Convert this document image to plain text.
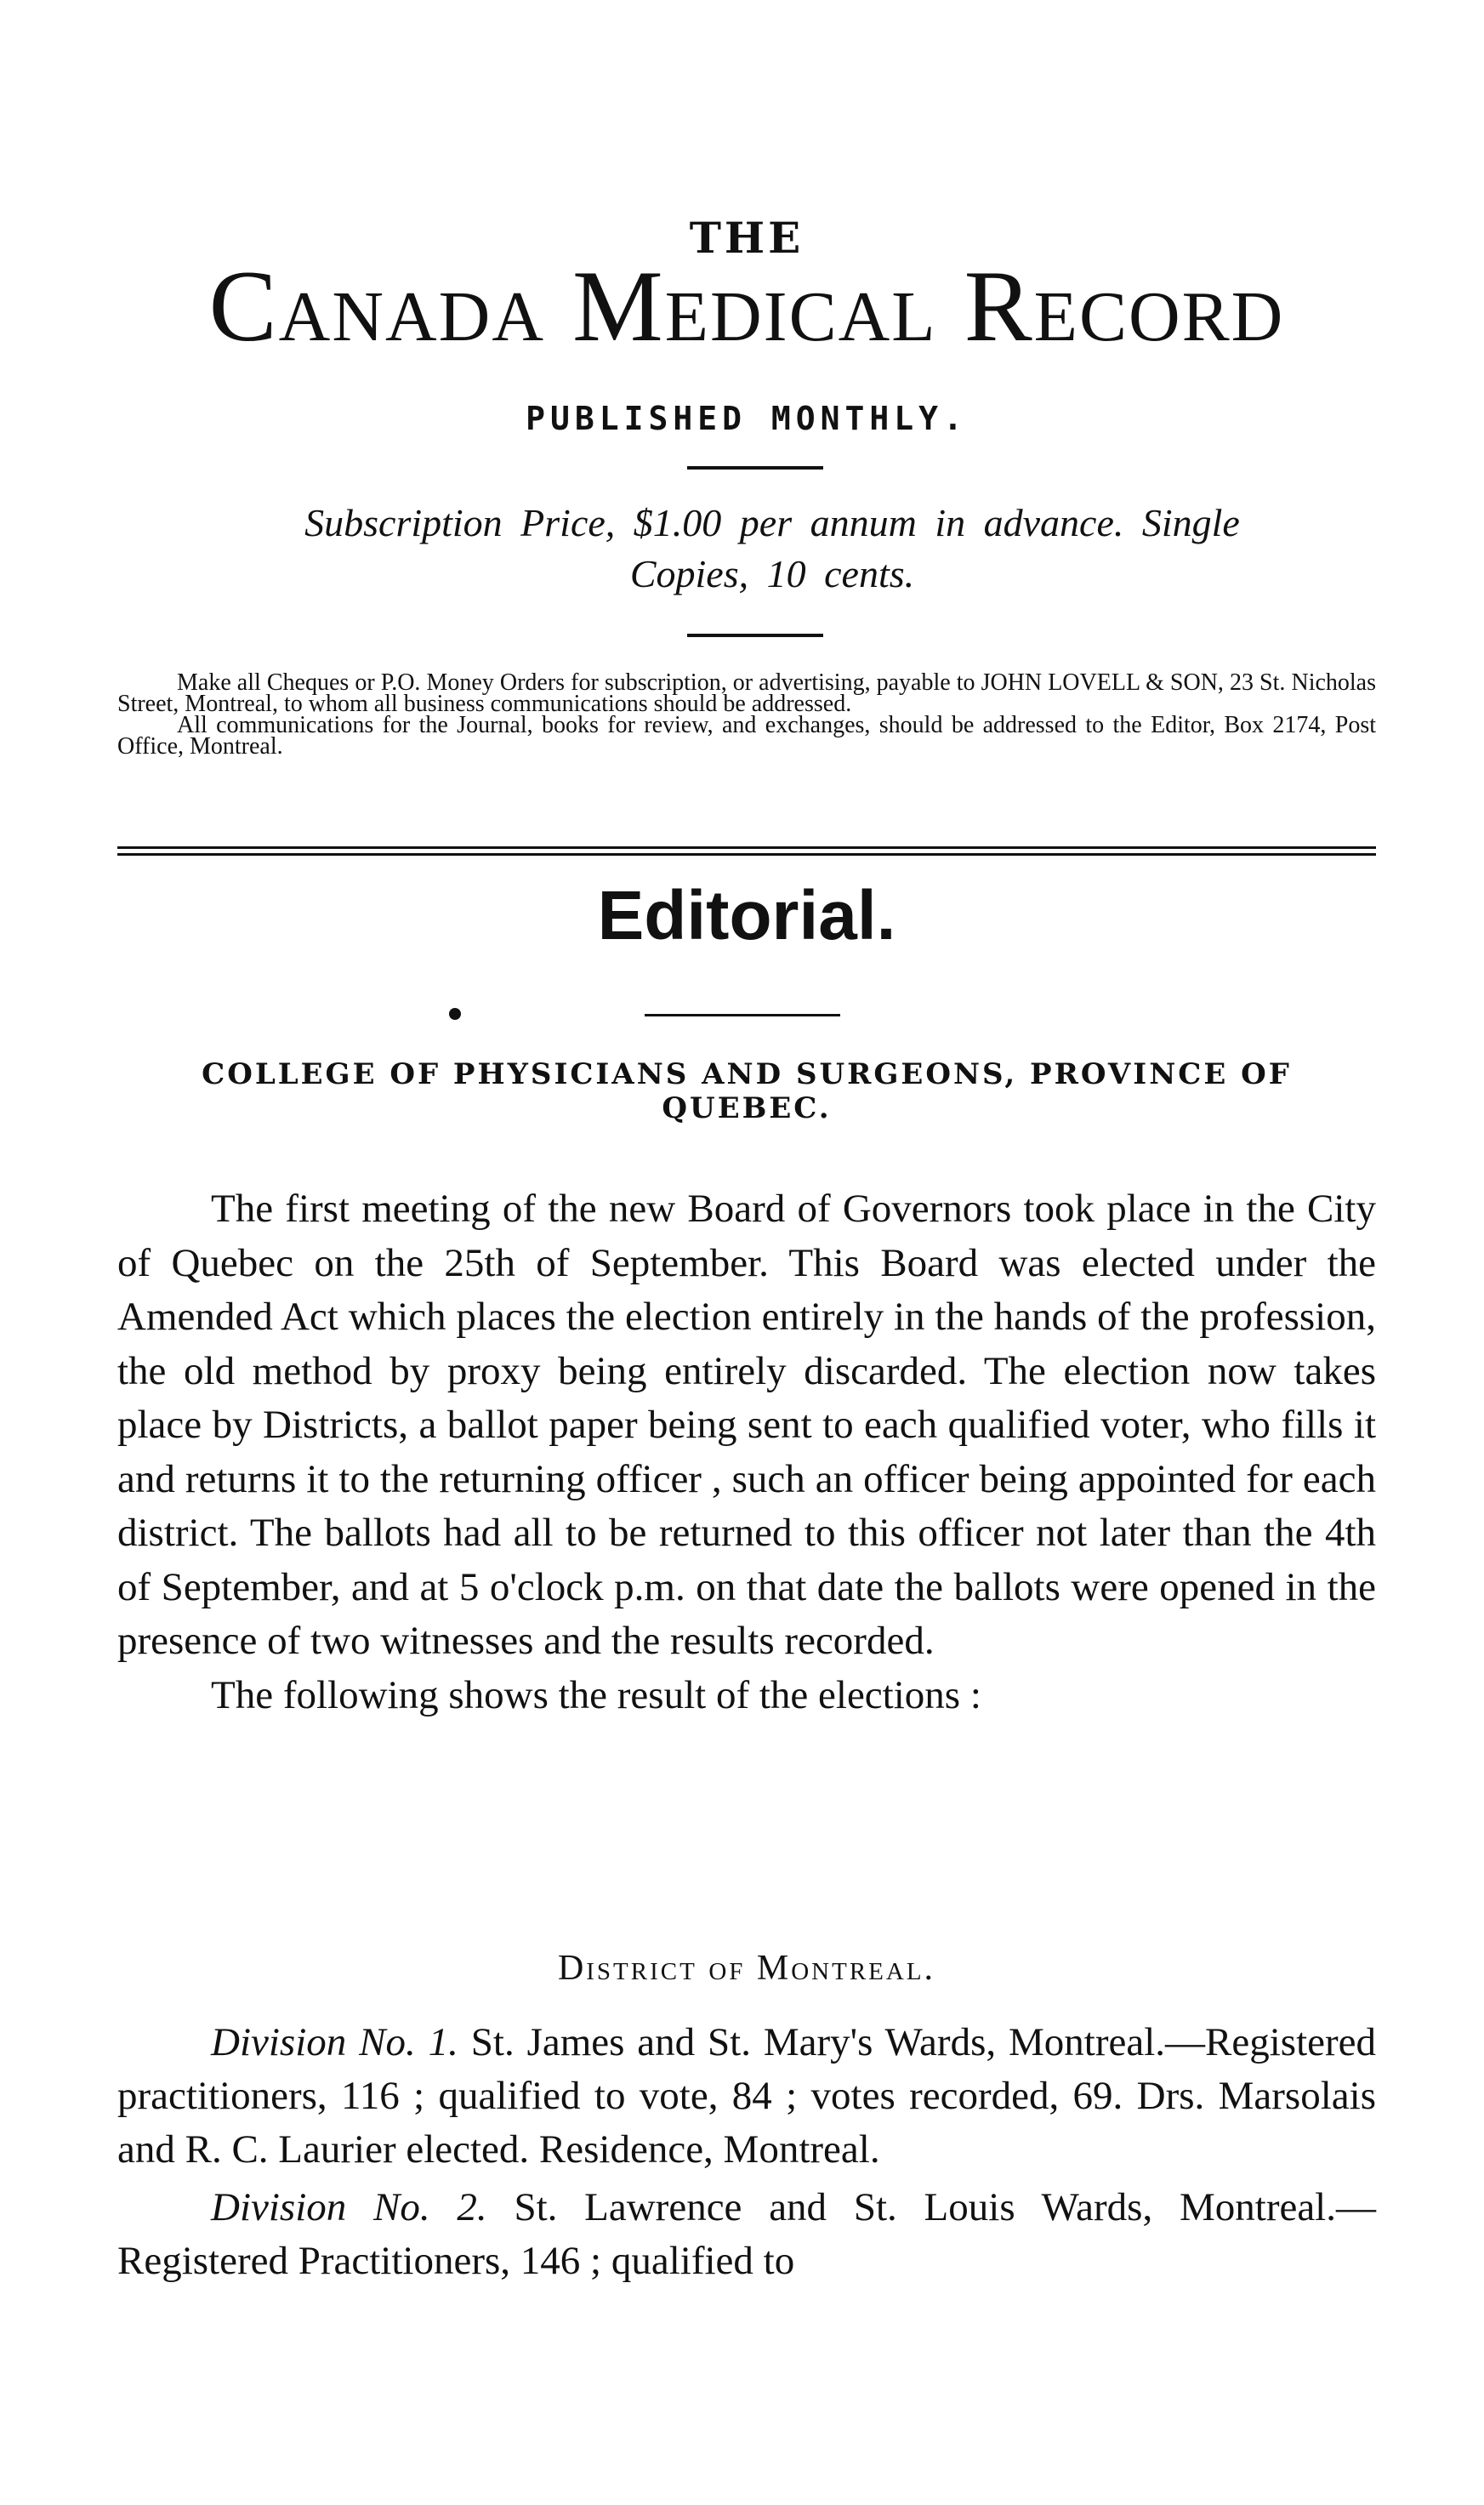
THE
Canada Medical Record
PUBLISHED MONTHLY.
Subscription Price, $1.00 per annum in advance. Single
Copies, 10 cents.

Make all Cheques or P.O. Money Orders for subscription, or advertising, payable to JOHN LOVELL & SON, 23 St. Nicholas Street, Montreal, to whom all business communications should be addressed.

All communications for the Journal, books for review, and exchanges, should be addressed to the Editor, Box 2174, Post Office, Montreal.

Editorial.
COLLEGE OF PHYSICIANS AND SURGEONS, PROVINCE OF QUEBEC.

The first meeting of the new Board of Governors took place in the City of Quebec on the 25th of September. This Board was elected under the Amended Act which places the election entirely in the hands of the profession, the old method by proxy being entirely discarded. The election now takes place by Districts, a ballot paper being sent to each qualified voter, who fills it and returns it to the returning officer , such an officer being appointed for each district. The ballots had all to be returned to this officer not later than the 4th of September, and at 5 o'clock p.m. on that date the ballots were opened in the presence of two witnesses and the results recorded.

The following shows the result of the elections :

District of Montreal.

Division No. 1. St. James and St. Mary's Wards, Montreal.—Registered practitioners, 116 ; qualified to vote, 84 ; votes recorded, 69. Drs. Marsolais and R. C. Laurier elected. Residence, Montreal.

Division No. 2. St. Lawrence and St. Louis Wards, Montreal.—Registered Practitioners, 146 ; qualified to
